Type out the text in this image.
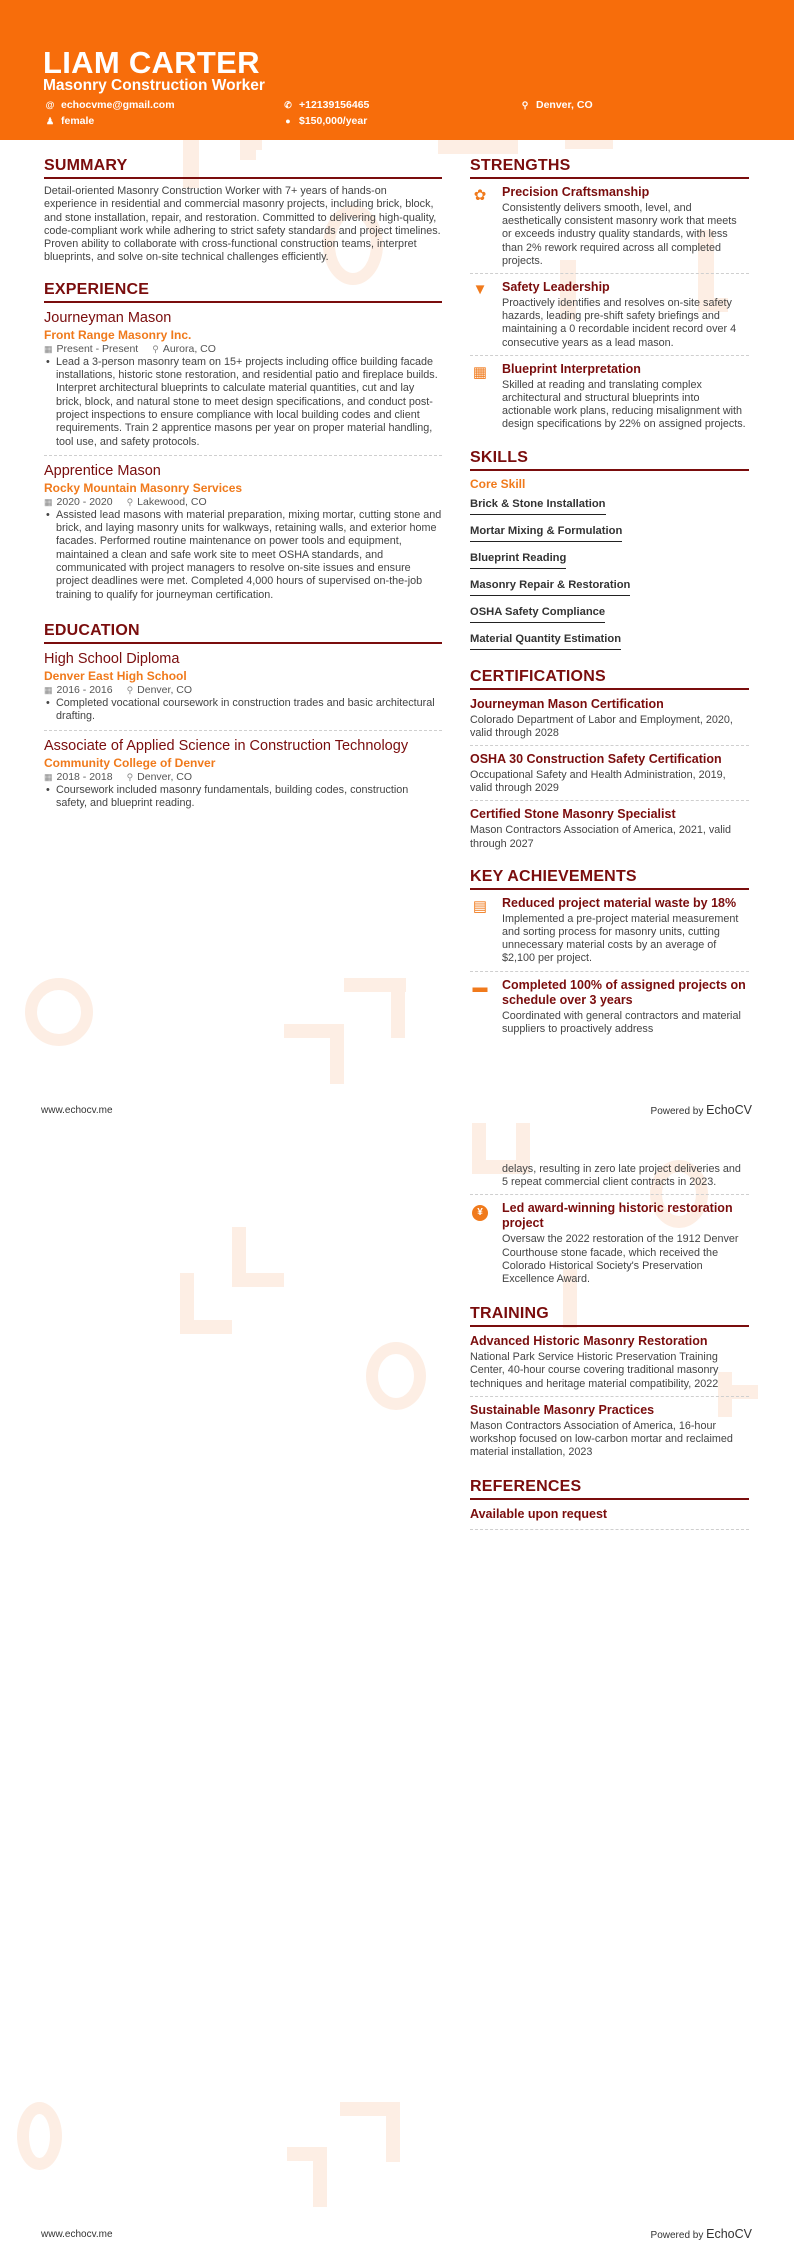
LIAM CARTER
Masonry Construction Worker
@ echocvme@gmail.com	✆ +12139156465	⚲ Denver, CO
♟ female	● $150,000/year
SUMMARY
Detail-oriented Masonry Construction Worker with 7+ years of hands-on experience in residential and commercial masonry projects, including brick, block, and stone installation, repair, and restoration. Committed to delivering high-quality, code-compliant work while adhering to strict safety standards and project timelines. Proven ability to collaborate with cross-functional construction teams, interpret blueprints, and solve on-site technical challenges efficiently.
EXPERIENCE
Journeyman Mason
Front Range Masonry Inc.
▦ Present - Present ⚲ Aurora, CO
• Lead a 3-person masonry team on 15+ projects including office building facade installations, historic stone restoration, and residential patio and fireplace builds. Interpret architectural blueprints to calculate material quantities, cut and lay brick, block, and natural stone to meet design specifications, and conduct post-project inspections to ensure compliance with local building codes and client requirements. Train 2 apprentice masons per year on proper material handling, tool use, and safety protocols.
Apprentice Mason
Rocky Mountain Masonry Services
▦ 2020 - 2020 ⚲ Lakewood, CO
• Assisted lead masons with material preparation, mixing mortar, cutting stone and brick, and laying masonry units for walkways, retaining walls, and exterior home facades. Performed routine maintenance on power tools and equipment, maintained a clean and safe work site to meet OSHA standards, and communicated with project managers to resolve on-site issues and ensure project deadlines were met. Completed 4,000 hours of supervised on-the-job training to qualify for journeyman certification.
EDUCATION
High School Diploma
Denver East High School
▦ 2016 - 2016 ⚲ Denver, CO
• Completed vocational coursework in construction trades and basic architectural drafting.
Associate of Applied Science in Construction Technology
Community College of Denver
▦ 2018 - 2018 ⚲ Denver, CO
• Coursework included masonry fundamentals, building codes, construction safety, and blueprint reading.
STRENGTHS
✿ Precision Craftsmanship
Consistently delivers smooth, level, and aesthetically consistent masonry work that meets or exceeds industry quality standards, with less than 2% rework required across all completed projects.
▼ Safety Leadership
Proactively identifies and resolves on-site safety hazards, leading pre-shift safety briefings and maintaining a 0 recordable incident record over 4 consecutive years as a lead mason.
▦ Blueprint Interpretation
Skilled at reading and translating complex architectural and structural blueprints into actionable work plans, reducing misalignment with design specifications by 22% on assigned projects.
SKILLS
Core Skill
Brick & Stone Installation
Mortar Mixing & Formulation
Blueprint Reading
Masonry Repair & Restoration
OSHA Safety Compliance
Material Quantity Estimation
CERTIFICATIONS
Journeyman Mason Certification
Colorado Department of Labor and Employment, 2020, valid through 2028
OSHA 30 Construction Safety Certification
Occupational Safety and Health Administration, 2019, valid through 2029
Certified Stone Masonry Specialist
Mason Contractors Association of America, 2021, valid through 2027
KEY ACHIEVEMENTS
▤ Reduced project material waste by 18%
Implemented a pre-project material measurement and sorting process for masonry units, cutting unnecessary material costs by an average of $2,100 per project.
▬ Completed 100% of assigned projects on schedule over 3 years
Coordinated with general contractors and material suppliers to proactively address
www.echocv.me	Powered by EchoCV
delays, resulting in zero late project deliveries and 5 repeat commercial client contracts in 2023.
¥	Led award-winning historic restoration project
Oversaw the 2022 restoration of the 1912 Denver Courthouse stone facade, which received the Colorado Historical Society's Preservation Excellence Award.
TRAINING
Advanced Historic Masonry Restoration
National Park Service Historic Preservation Training Center, 40-hour course covering traditional masonry techniques and heritage material compatibility, 2022
Sustainable Masonry Practices
Mason Contractors Association of America, 16-hour workshop focused on low-carbon mortar and reclaimed material installation, 2023
REFERENCES
Available upon request
www.echocv.me	Powered by EchoCV
